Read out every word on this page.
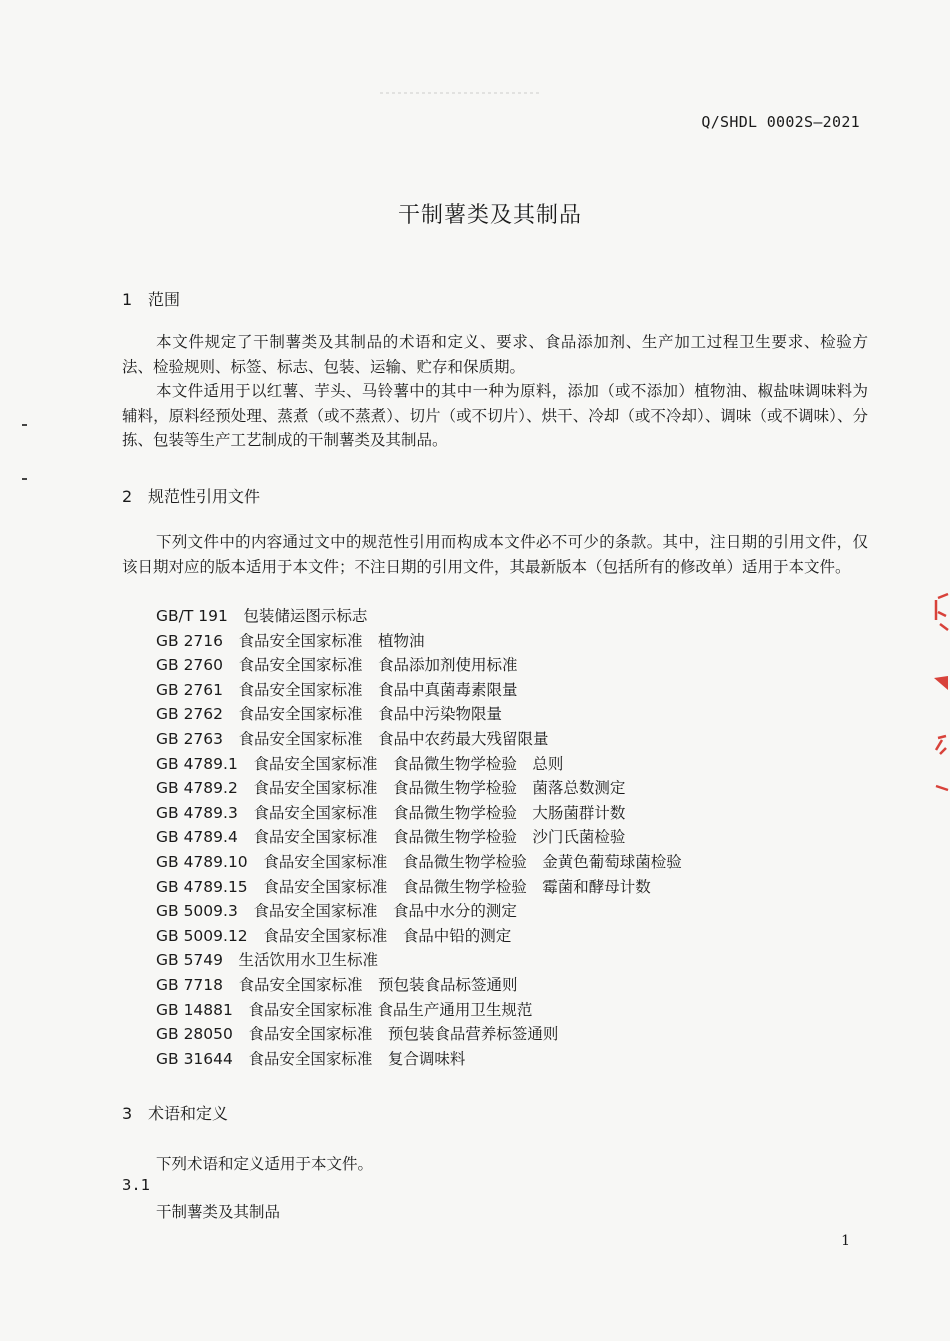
Q/SHDL 0002S—2021
干制薯类及其制品
1 范围

本文件规定了干制薯类及其制品的术语和定义、要求、食品添加剂、生产加工过程卫生要求、检验方法、检验规则、标签、标志、包装、运输、贮存和保质期。

本文件适用于以红薯、芋头、马铃薯中的其中一种为原料，添加（或不添加）植物油、椒盐味调味料为辅料，原料经预处理、蒸煮（或不蒸煮）、切片（或不切片）、烘干、冷却（或不冷却）、调味（或不调味）、分拣、包装等生产工艺制成的干制薯类及其制品。

2 规范性引用文件

下列文件中的内容通过文中的规范性引用而构成本文件必不可少的条款。其中，注日期的引用文件，仅该日期对应的版本适用于本文件；不注日期的引用文件，其最新版本（包括所有的修改单）适用于本文件。

GB/T 191　 包装储运图示标志
GB 2716　 食品安全国家标准　植物油
GB 2760　 食品安全国家标准　食品添加剂使用标准
GB 2761　 食品安全国家标准　食品中真菌毒素限量
GB 2762　 食品安全国家标准　食品中污染物限量
GB 2763　 食品安全国家标准　食品中农药最大残留限量
GB 4789.1　 食品安全国家标准　食品微生物学检验　总则
GB 4789.2　 食品安全国家标准　食品微生物学检验　菌落总数测定
GB 4789.3　 食品安全国家标准　食品微生物学检验　大肠菌群计数
GB 4789.4　 食品安全国家标准　食品微生物学检验　沙门氏菌检验
GB 4789.10　 食品安全国家标准　食品微生物学检验　金黄色葡萄球菌检验
GB 4789.15　 食品安全国家标准　食品微生物学检验　霉菌和酵母计数
GB 5009.3　 食品安全国家标准　食品中水分的测定
GB 5009.12　 食品安全国家标准　食品中铅的测定
GB 5749　 生活饮用水卫生标准
GB 7718　 食品安全国家标准　预包装食品标签通则
GB 14881　 食品安全国家标准 食品生产通用卫生规范
GB 28050　 食品安全国家标准　预包装食品营养标签通则
GB 31644　 食品安全国家标准　复合调味料
3 术语和定义
下列术语和定义适用于本文件。
3.1
干制薯类及其制品
1
